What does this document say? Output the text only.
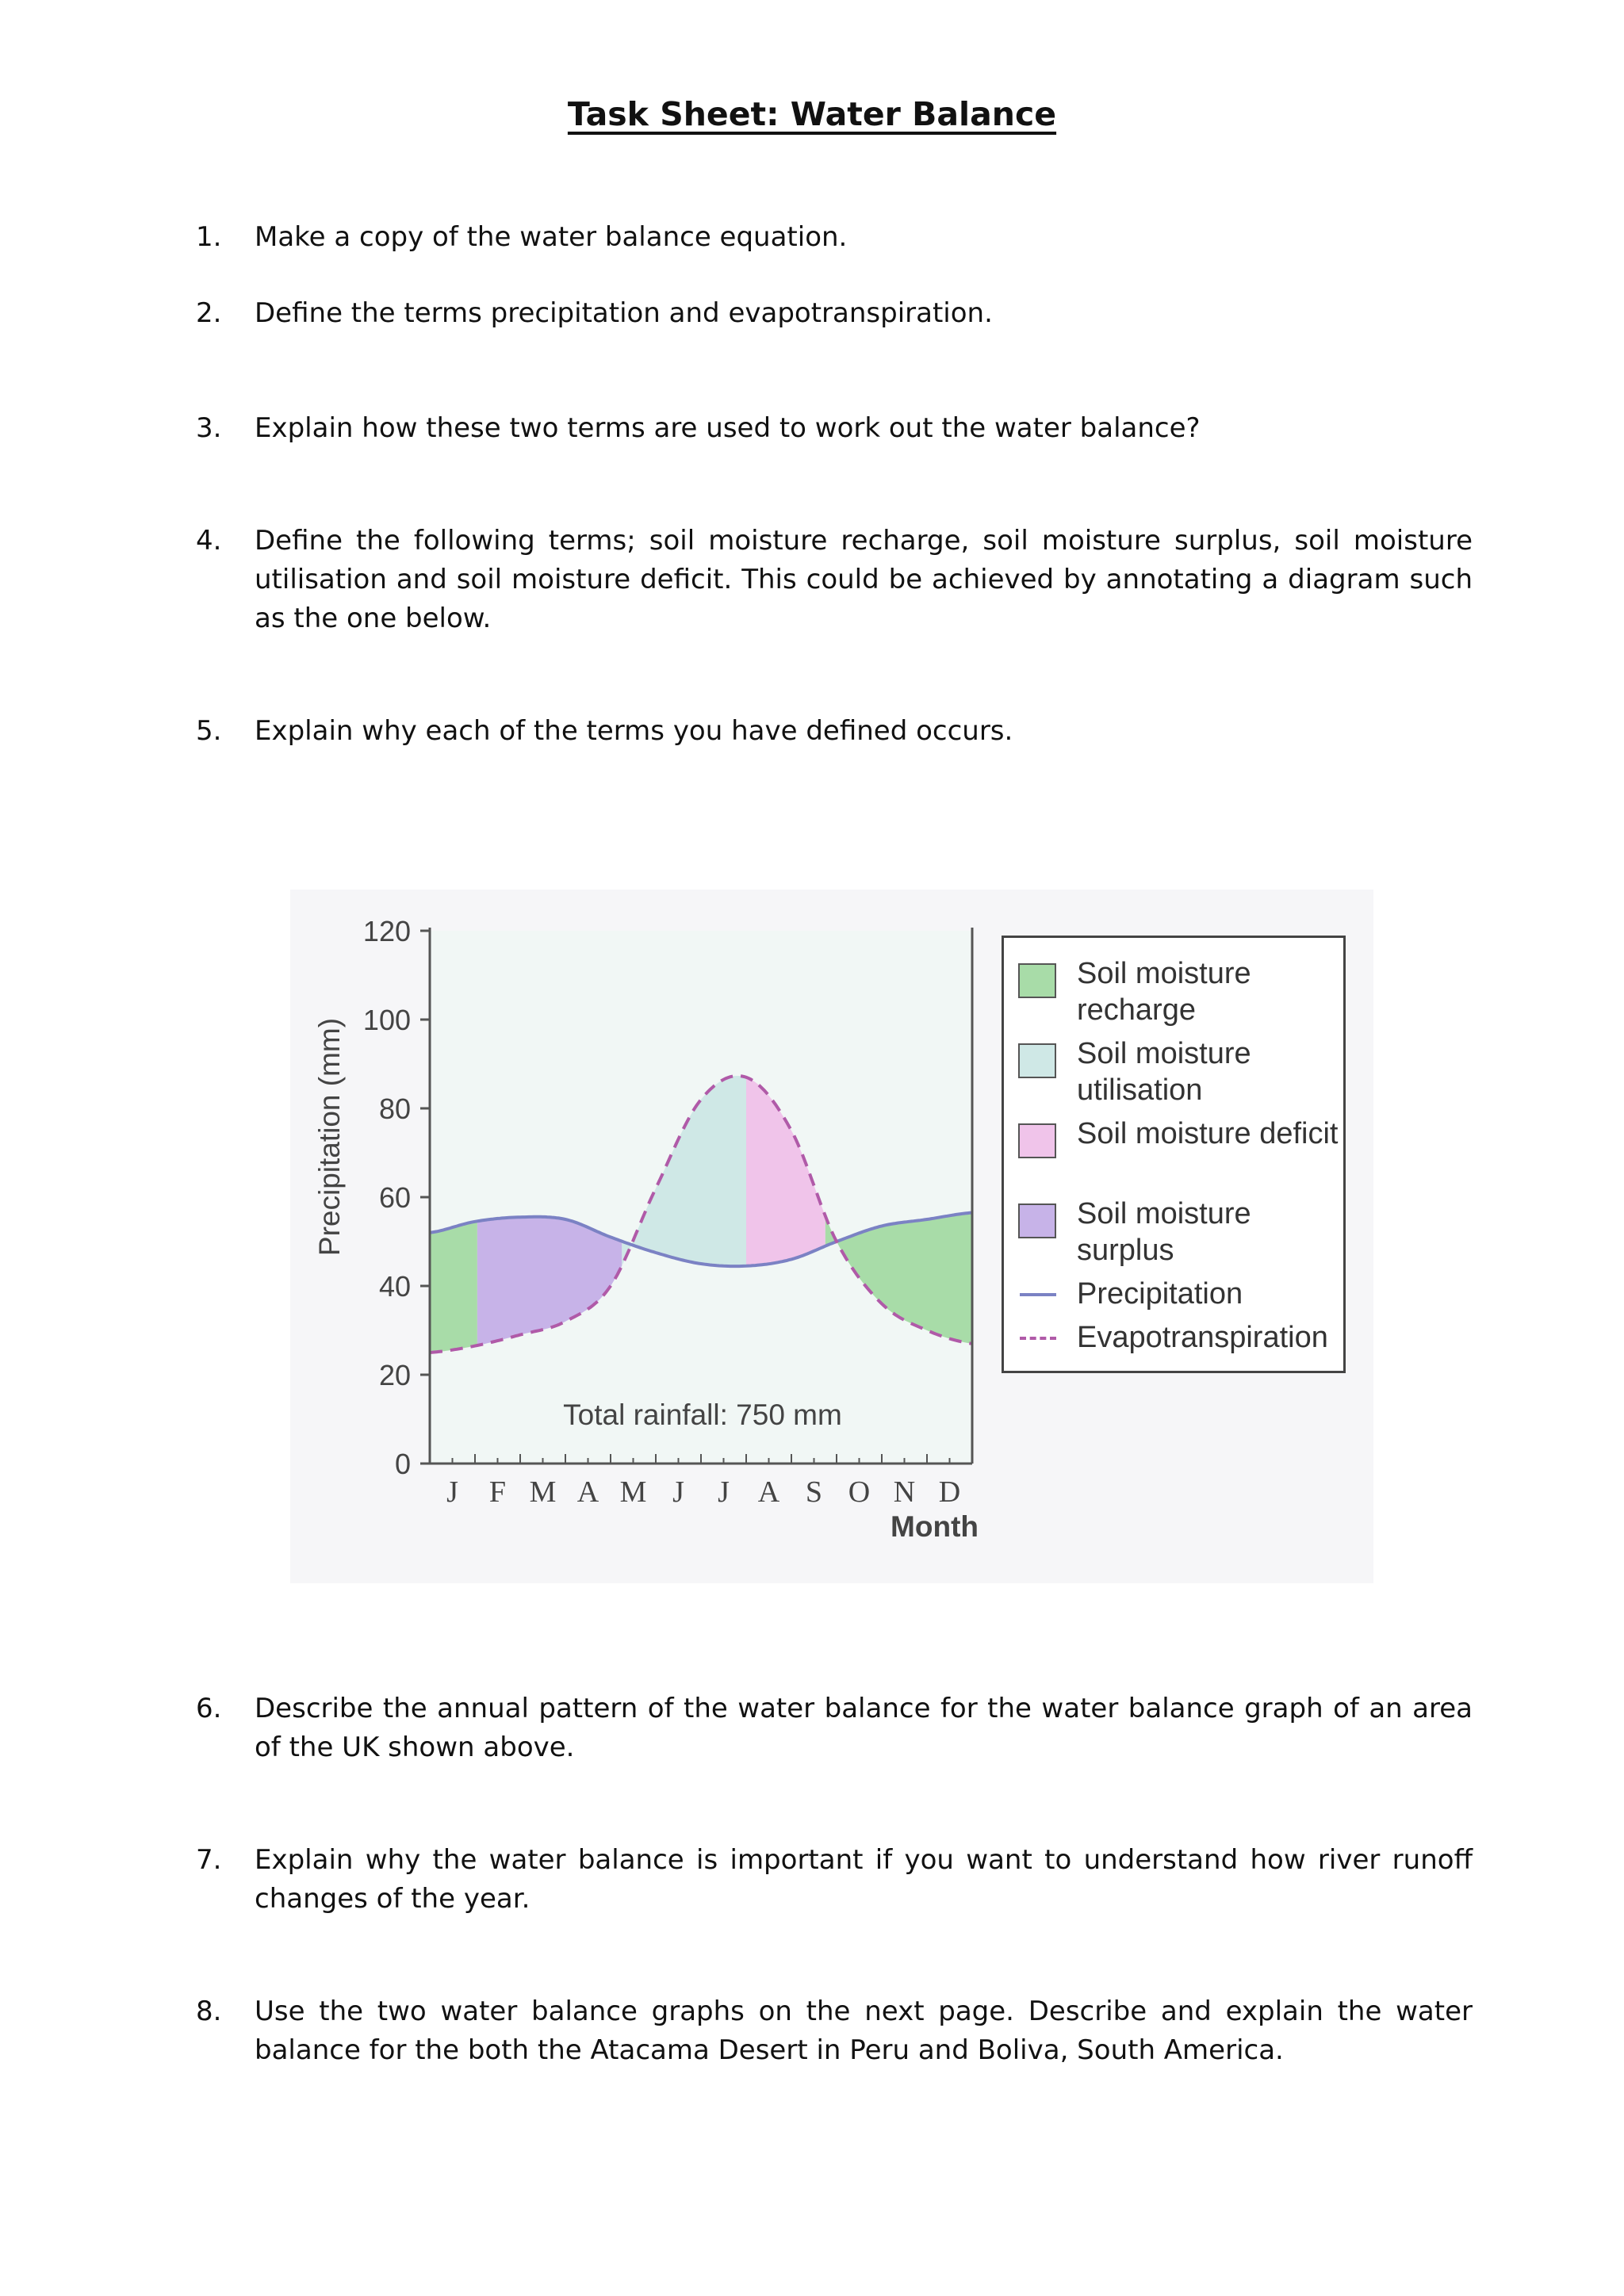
Task Sheet: Water Balance
1.	Make a copy of the water balance equation.
2.	Define the terms precipitation and evapotranspiration.
3.	Explain how these two terms are used to work out the water balance?
4.	Define the following terms; soil moisture recharge, soil moisture surplus, soil moisture utilisation and soil moisture deficit. This could be achieved by annotating a diagram such as the one below.
5.	Explain why each of the terms you have defined occurs.
0
20
40
60
80
100
120
J F M A M J J A S O N D
Total rainfall: 750 mm
Precipitation (mm)
Month
Soil moisture recharge
Soil moisture utilisation
Soil moisture deficit
Soil moisture surplus
Precipitation
Evapotranspiration
6.	Describe the annual pattern of the water balance for the water balance graph of an area of the UK shown above.
7.	Explain why the water balance is important if you want to understand how river runoff changes of the year.
8.	Use the two water balance graphs on the next page. Describe and explain the water balance for the both the Atacama Desert in Peru and Boliva, South America.
